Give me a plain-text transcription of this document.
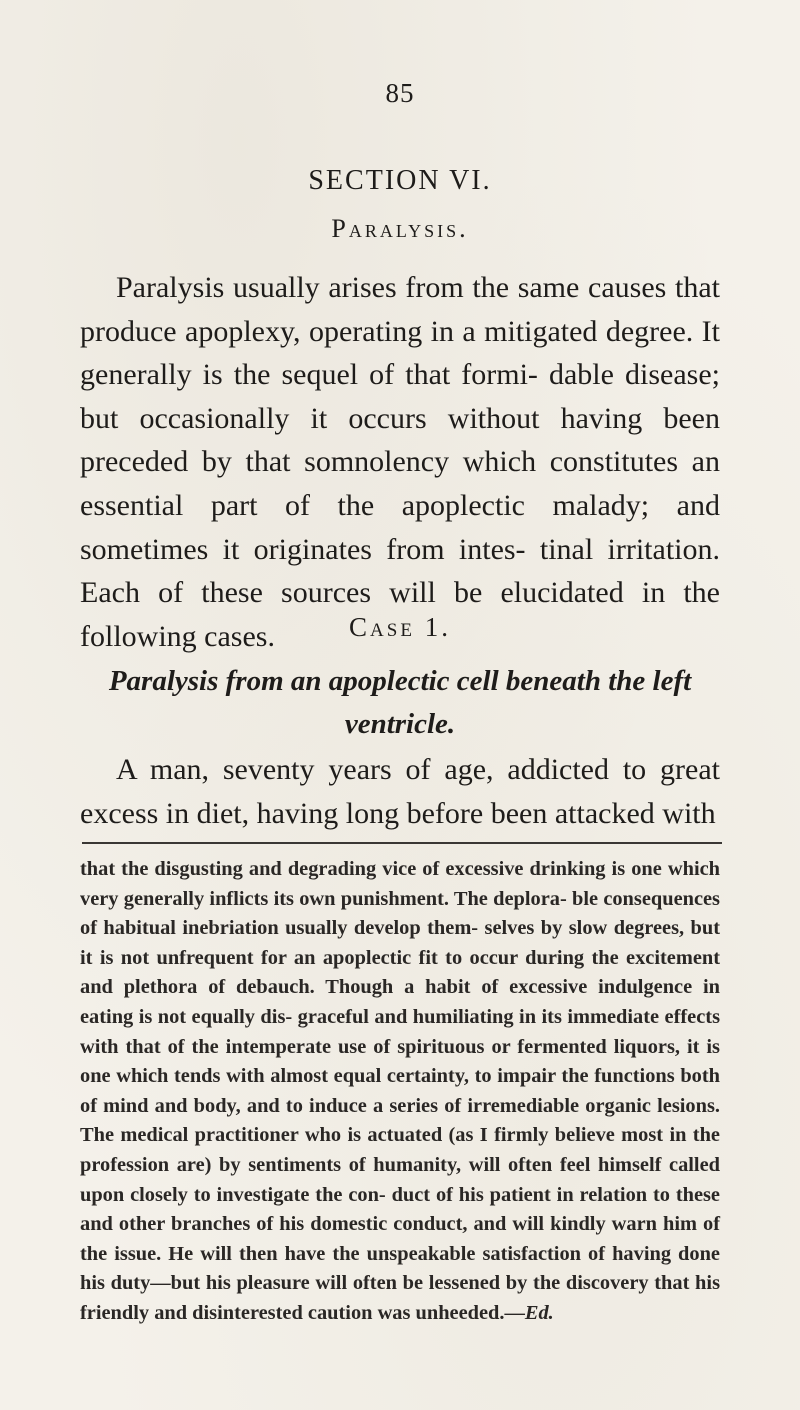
85
SECTION VI.
Paralysis.

Paralysis usually arises from the same causes that produce apoplexy, operating in a mitigated degree. It generally is the sequel of that formi- dable disease; but occasionally it occurs without having been preceded by that somnolency which constitutes an essential part of the apoplectic malady; and sometimes it originates from intes- tinal irritation. Each of these sources will be elucidated in the following cases.	Case 1.

Paralysis from an apoplectic cell beneath the left ventricle.

A man, seventy years of age, addicted to great excess in diet, having long before been attacked with

that the disgusting and degrading vice of excessive drinking is one which very generally inflicts its own punishment. The deplora- ble consequences of habitual inebriation usually develop them- selves by slow degrees, but it is not unfrequent for an apoplectic fit to occur during the excitement and plethora of debauch. Though a habit of excessive indulgence in eating is not equally dis- graceful and humiliating in its immediate effects with that of the intemperate use of spirituous or fermented liquors, it is one which tends with almost equal certainty, to impair the functions both of mind and body, and to induce a series of irremediable organic lesions. The medical practitioner who is actuated (as I firmly believe most in the profession are) by sentiments of humanity, will often feel himself called upon closely to investigate the con- duct of his patient in relation to these and other branches of his domestic conduct, and will kindly warn him of the issue. He will then have the unspeakable satisfaction of having done his duty—but his pleasure will often be lessened by the discovery that his friendly and disinterested caution was unheeded.—Ed.
